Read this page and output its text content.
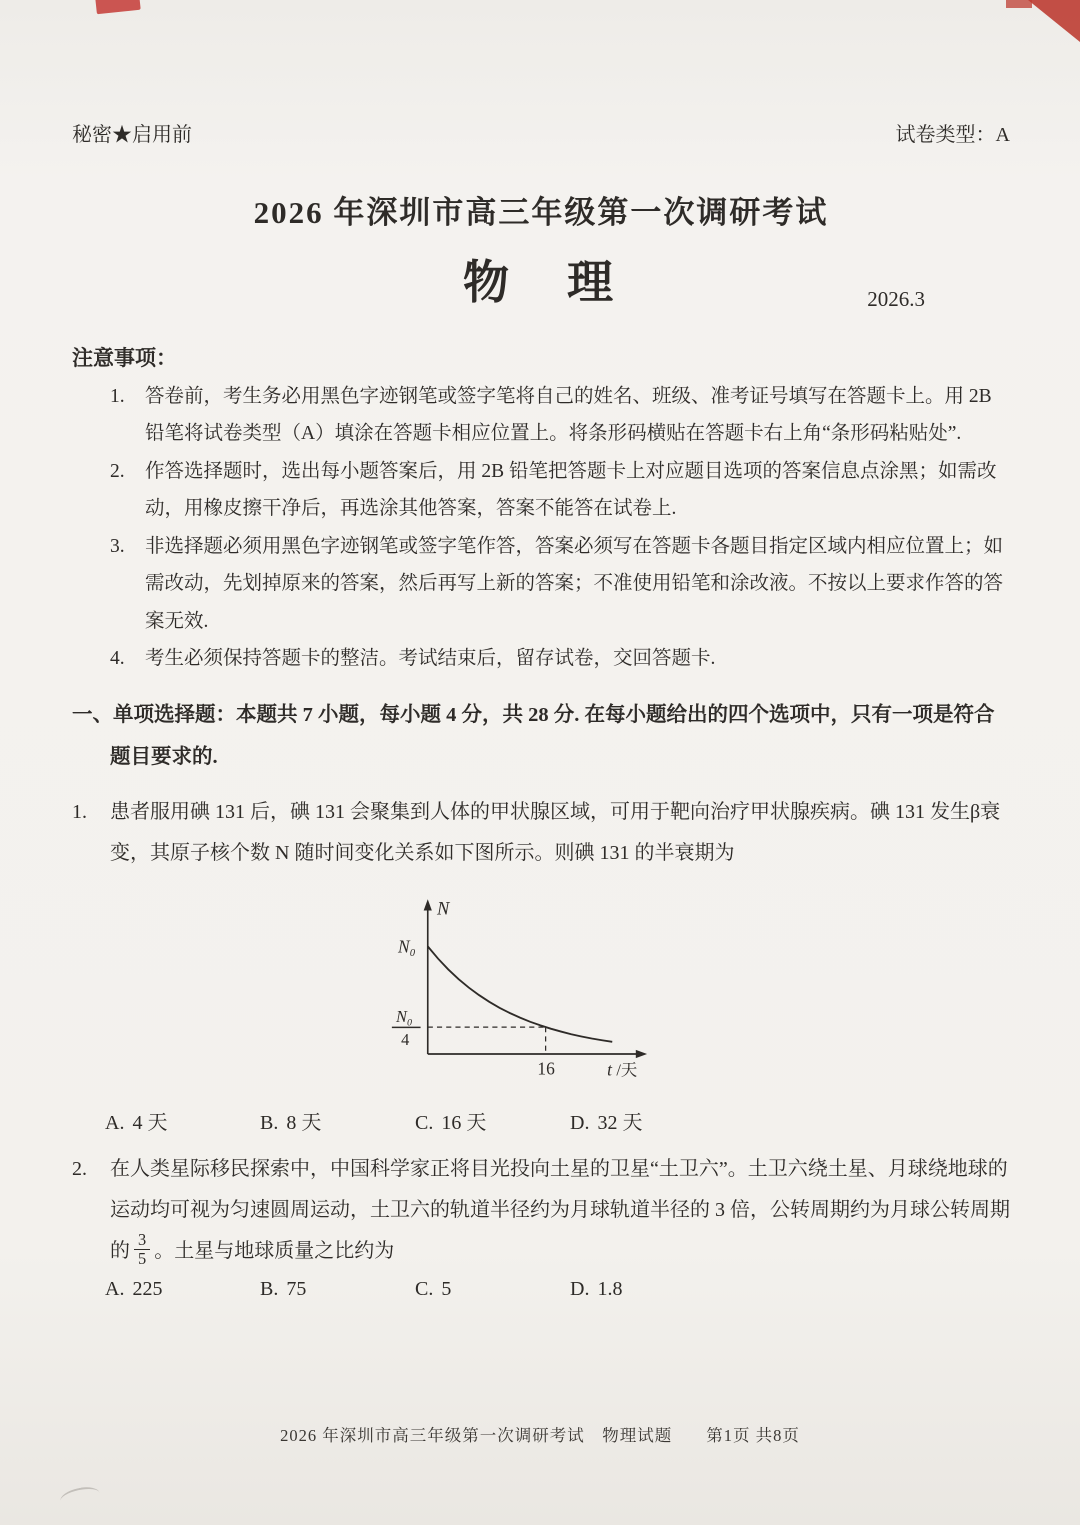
秘密★启用前	试卷类型：A
2026 年深圳市高三年级第一次调研考试
物　理	2026.3
注意事项：
1.	答卷前，考生务必用黑色字迹钢笔或签字笔将自己的姓名、班级、准考证号填写在答题卡上。用 2B 铅笔将试卷类型（A）填涂在答题卡相应位置上。将条形码横贴在答题卡右上角“条形码粘贴处”.
2.	作答选择题时，选出每小题答案后，用 2B 铅笔把答题卡上对应题目选项的答案信息点涂黑；如需改动，用橡皮擦干净后，再选涂其他答案，答案不能答在试卷上.
3.	非选择题必须用黑色字迹钢笔或签字笔作答，答案必须写在答题卡各题目指定区域内相应位置上；如需改动，先划掉原来的答案，然后再写上新的答案；不准使用铅笔和涂改液。不按以上要求作答的答案无效.
4.	考生必须保持答题卡的整洁。考试结束后，留存试卷，交回答题卡.
一、单项选择题：本题共 7 小题，每小题 4 分，共 28 分. 在每小题给出的四个选项中，只有一项是符合题目要求的.
1.	患者服用碘 131 后，碘 131 会聚集到人体的甲状腺区域，可用于靶向治疗甲状腺疾病。碘 131 发生β衰变，其原子核个数 N 随时间变化关系如下图所示。则碘 131 的半衰期为
N
N₀
N₀
4
16	t /天
A. 4 天	B. 8 天	C. 16 天	D. 32 天
2.	在人类星际移民探索中，中国科学家正将目光投向土星的卫星“土卫六”。土卫六绕土星、月球绕地球的运动均可视为匀速圆周运动，土卫六的轨道半径约为月球轨道半径的 3 倍，公转周期约为月球公转周期的 $\frac{3}{5}$ 。土星与地球质量之比约为
A. 225	B. 75	C. 5	D. 1.8
2026 年深圳市高三年级第一次调研考试　物理试题 第1页 共8页
